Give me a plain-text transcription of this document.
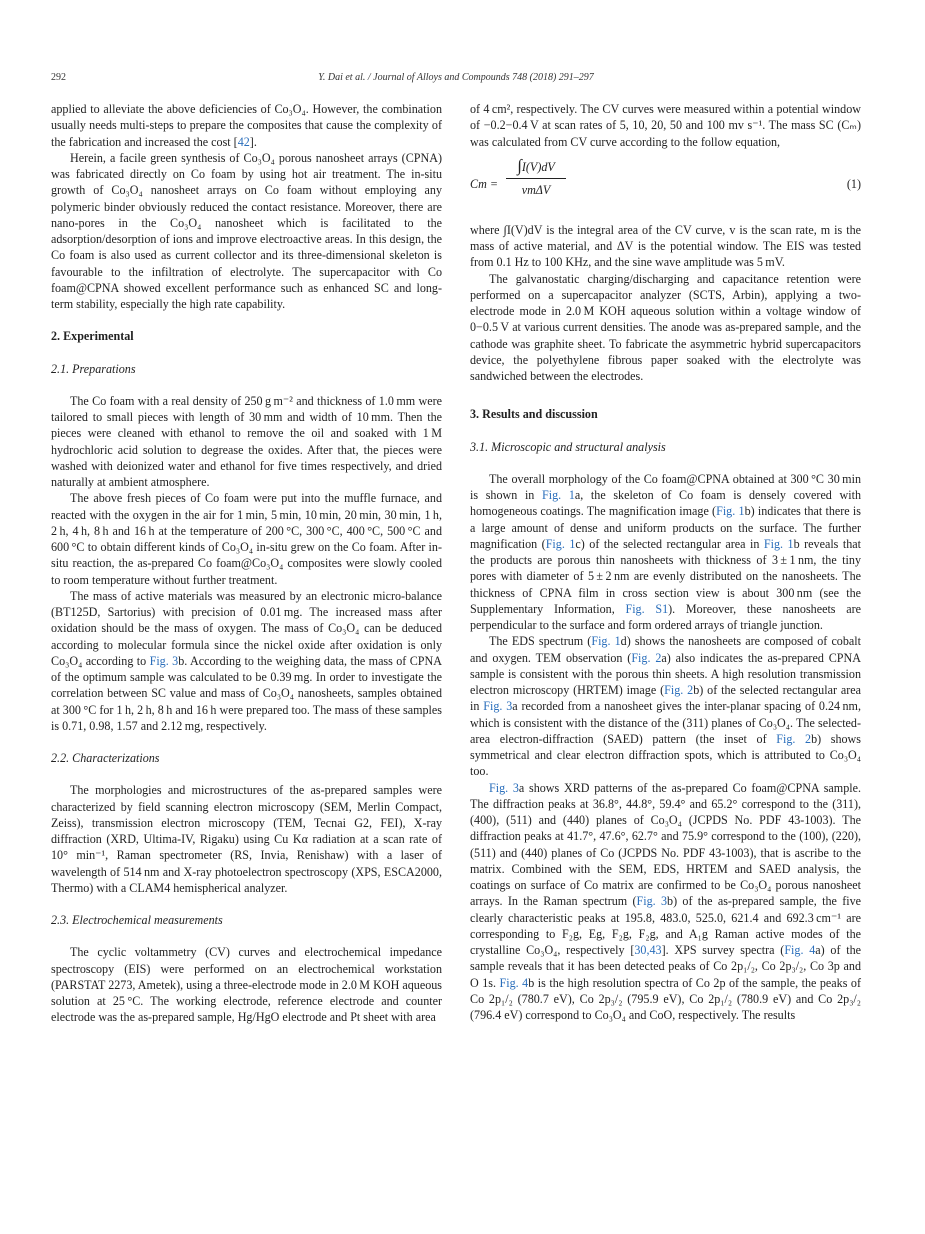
292	Y. Dai et al. / Journal of Alloys and Compounds 748 (2018) 291–297

applied to alleviate the above deficiencies of Co₃O₄. However, the combination usually needs multi-steps to prepare the composites that cause the complexity of the fabrication and increased the cost [42].

Herein, a facile green synthesis of Co₃O₄ porous nanosheet arrays (CPNA) was fabricated directly on Co foam by using hot air treatment. The in-situ growth of Co₃O₄ nanosheet arrays on Co foam without employing any polymeric binder obviously reduced the contact resistance. Moreover, there are nano-pores in the Co₃O₄ nanosheet which is facilitated to the adsorption/desorption of ions and improve electroactive areas. In this design, the Co foam is also used as current collector and its three-dimensional skeleton is favourable to the infiltration of electrolyte. The supercapacitor with Co foam@CPNA showed excellent performance such as enhanced SC and long-term stability, especially the high rate capability.

2. Experimental

2.1. Preparations

The Co foam with a real density of 250 g m⁻² and thickness of 1.0 mm were tailored to small pieces with length of 30 mm and width of 10 mm. Then the pieces were cleaned with ethanol to remove the oil and soaked with 1 M hydrochloric acid solution to degrease the oxides. After that, the pieces were washed with deionized water and ethanol for five times respectively, and dried naturally at ambient atmosphere.

The above fresh pieces of Co foam were put into the muffle furnace, and reacted with the oxygen in the air for 1 min, 5 min, 10 min, 20 min, 30 min, 1 h, 2 h, 4 h, 8 h and 16 h at the temperature of 200 °C, 300 °C, 400 °C, 500 °C and 600 °C to obtain different kinds of Co₃O₄ in-situ grew on the Co foam. After in-situ reaction, the as-prepared Co foam@Co₃O₄ composites were slowly cooled to room temperature without further treatment.

The mass of active materials was measured by an electronic micro-balance (BT125D, Sartorius) with precision of 0.01 mg. The increased mass after oxidation should be the mass of oxygen. The mass of Co₃O₄ can be deduced according to molecular formula since the nickel oxide after oxidation is only Co₃O₄ according to Fig. 3b. According to the weighing data, the mass of CPNA of the optimum sample was calculated to be 0.39 mg. In order to investigate the correlation between SC value and mass of Co₃O₄ nanosheets, samples obtained at 300 °C for 1 h, 2 h, 8 h and 16 h were prepared too. The mass of these samples is 0.71, 0.98, 1.57 and 2.12 mg, respectively.

2.2. Characterizations

The morphologies and microstructures of the as-prepared samples were characterized by field scanning electron microscopy (SEM, Merlin Compact, Zeiss), transmission electron microscopy (TEM, Tecnai G2, FEI), X-ray diffraction (XRD, Ultima-IV, Rigaku) using Cu Kα radiation at a scan rate of 10° min⁻¹, Raman spectrometer (RS, Invia, Renishaw) with a laser of wavelength of 514 nm and X-ray photoelectron spectroscopy (XPS, ESCA2000, Thermo) with a CLAM4 hemispherical analyzer.

2.3. Electrochemical measurements

The cyclic voltammetry (CV) curves and electrochemical impedance spectroscopy (EIS) were performed on an electrochemical workstation (PARSTAT 2273, Ametek), using a three-electrode mode in 2.0 M KOH aqueous solution at 25 °C. The working electrode, reference electrode and counter electrode was the as-prepared sample, Hg/HgO electrode and Pt sheet with area

of 4 cm², respectively. The CV curves were measured within a potential window of −0.2−0.4 V at scan rates of 5, 10, 20, 50 and 100 mv s⁻¹. The mass SC (Cₘ) was calculated from CV curve according to the follow equation,

Cm =
∫I(V)dV
vmΔV	(1)

where ∫I(V)dV is the integral area of the CV curve, v is the scan rate, m is the mass of active material, and ΔV is the potential window. The EIS was tested from 0.1 Hz to 100 KHz, and the sine wave amplitude was 5 mV.

The galvanostatic charging/discharging and capacitance retention were performed on a supercapacitor analyzer (SCTS, Arbin), applying a two-electrode mode in 2.0 M KOH aqueous solution within a voltage window of 0−0.5 V at various current densities. The anode was as-prepared sample, and the cathode was graphite sheet. To fabricate the asymmetric hybrid supercapacitors device, the polyethylene fibrous paper soaked with the electrolyte was sandwiched between the electrodes.

3. Results and discussion

3.1. Microscopic and structural analysis

The overall morphology of the Co foam@CPNA obtained at 300 °C 30 min is shown in Fig. 1a, the skeleton of Co foam is densely covered with homogeneous coatings. The magnification image (Fig. 1b) indicates that there is a large amount of dense and uniform products on the surface. The further magnification (Fig. 1c) of the selected rectangular area in Fig. 1b reveals that the products are porous thin nanosheets with thickness of 3 ± 1 nm, the tiny pores with diameter of 5 ± 2 nm are evenly distributed on the nanosheets. The thickness of CPNA film in cross section view is about 300 nm (see the Supplementary Information, Fig. S1). Moreover, these nanosheets are perpendicular to the surface and form ordered arrays of triangle junction.

The EDS spectrum (Fig. 1d) shows the nanosheets are composed of cobalt and oxygen. TEM observation (Fig. 2a) also indicates the as-prepared CPNA sample is consistent with the porous thin sheets. A high resolution transmission electron microscopy (HRTEM) image (Fig. 2b) of the selected rectangular area in Fig. 3a recorded from a nanosheet gives the inter-planar spacing of 0.24 nm, which is consistent with the distance of the (311) planes of Co₃O₄. The selected-area electron-diffraction (SAED) pattern (the inset of Fig. 2b) shows symmetrical and clear electron diffraction spots, which is attributed to Co₃O₄ too.

Fig. 3a shows XRD patterns of the as-prepared Co foam@CPNA sample. The diffraction peaks at 36.8°, 44.8°, 59.4° and 65.2° correspond to the (311), (400), (511) and (440) planes of Co₃O₄ (JCPDS No. PDF 43-1003). The diffraction peaks at 41.7°, 47.6°, 62.7° and 75.9° correspond to the (100), (220), (511) and (440) planes of Co (JCPDS No. PDF 43-1003), that is ascribe to the matrix. Combined with the SEM, EDS, HRTEM and SAED analysis, the coatings on surface of Co matrix are confirmed to be Co₃O₄ porous nanosheet arrays. In the Raman spectrum (Fig. 3b) of the as-prepared sample, the five clearly characteristic peaks at 195.8, 483.0, 525.0, 621.4 and 692.3 cm⁻¹ are corresponding to F₂g, Eg, F₂g, F₂g, and A₁g Raman active modes of the crystalline Co₃O₄, respectively [30,43]. XPS survey spectra (Fig. 4a) of the sample reveals that it has been detected peaks of Co 2p₁/₂, Co 2p₃/₂, Co 3p and O 1s. Fig. 4b is the high resolution spectra of Co 2p of the sample, the peaks of Co 2p₁/₂ (780.7 eV), Co 2p₃/₂ (795.9 eV), Co 2p₁/₂ (780.9 eV) and Co 2p₃/₂ (796.4 eV) correspond to Co₃O₄ and CoO, respectively. The results
